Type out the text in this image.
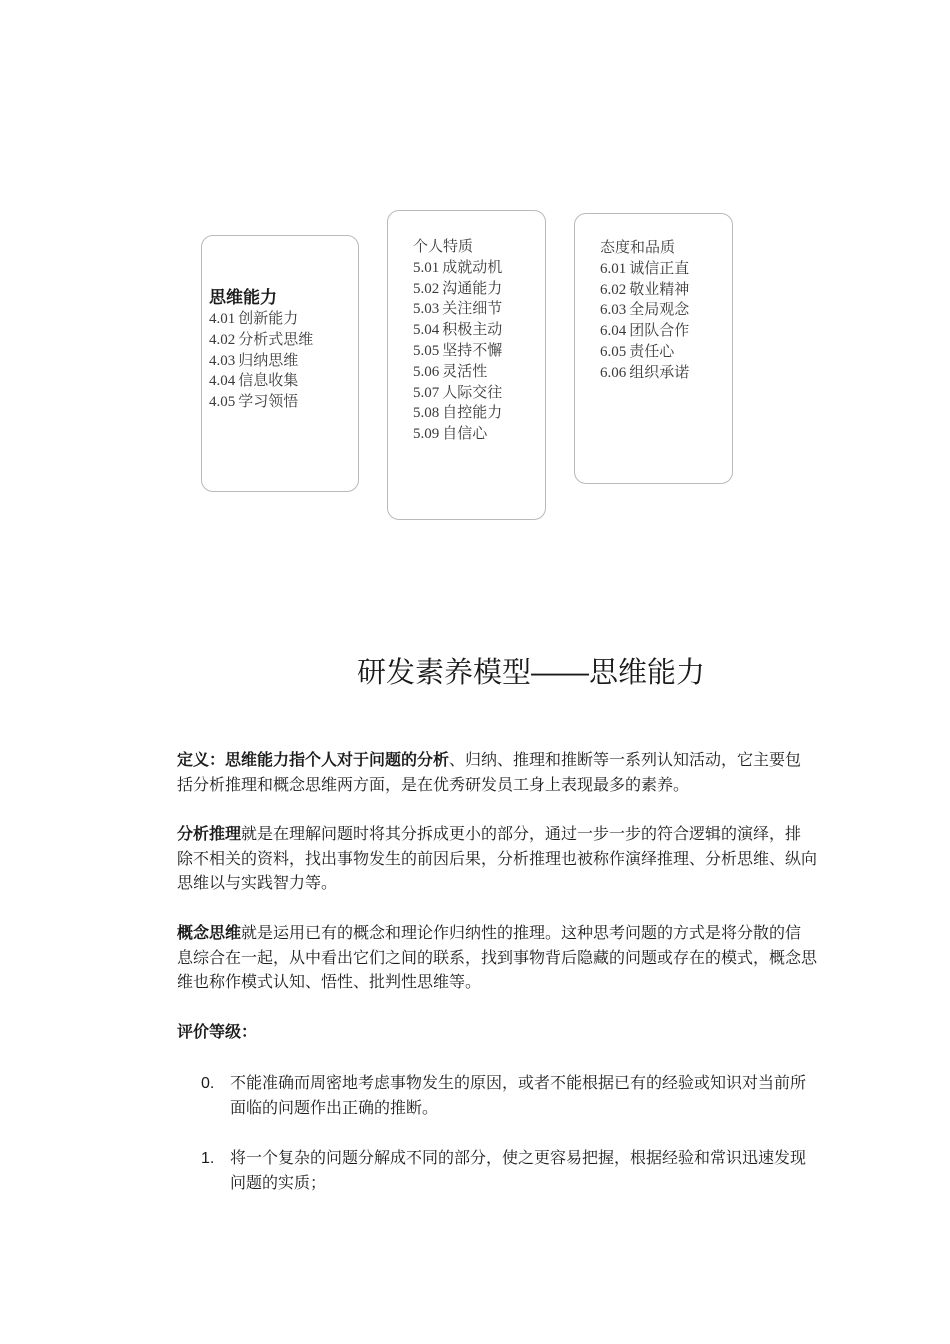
思维能力
4.01 创新能力
4.02 分析式思维
4.03 归纳思维
4.04 信息收集
4.05 学习领悟
个人特质
5.01 成就动机
5.02 沟通能力
5.03 关注细节
5.04 积极主动
5.05 坚持不懈
5.06 灵活性
5.07 人际交往
5.08 自控能力
5.09 自信心
态度和品质
6.01 诚信正直
6.02 敬业精神
6.03 全局观念
6.04 团队合作
6.05 责任心
6.06 组织承诺
研发素养模型——思维能力
定义：思维能力指个人对于问题的分析、归纳、推理和推断等一系列认知活动，它主要包括分析推理和概念思维两方面，是在优秀研发员工身上表现最多的素养。
分析推理就是在理解问题时将其分拆成更小的部分，通过一步一步的符合逻辑的演绎，排除不相关的资料，找出事物发生的前因后果，分析推理也被称作演绎推理、分析思维、纵向思维以与实践智力等。
概念思维就是运用已有的概念和理论作归纳性的推理。这种思考问题的方式是将分散的信息综合在一起，从中看出它们之间的联系，找到事物背后隐藏的问题或存在的模式，概念思维也称作模式认知、悟性、批判性思维等。
评价等级：
0. 不能准确而周密地考虑事物发生的原因，或者不能根据已有的经验或知识对当前所面临的问题作出正确的推断。
1. 将一个复杂的问题分解成不同的部分，使之更容易把握，根据经验和常识迅速发现问题的实质；
